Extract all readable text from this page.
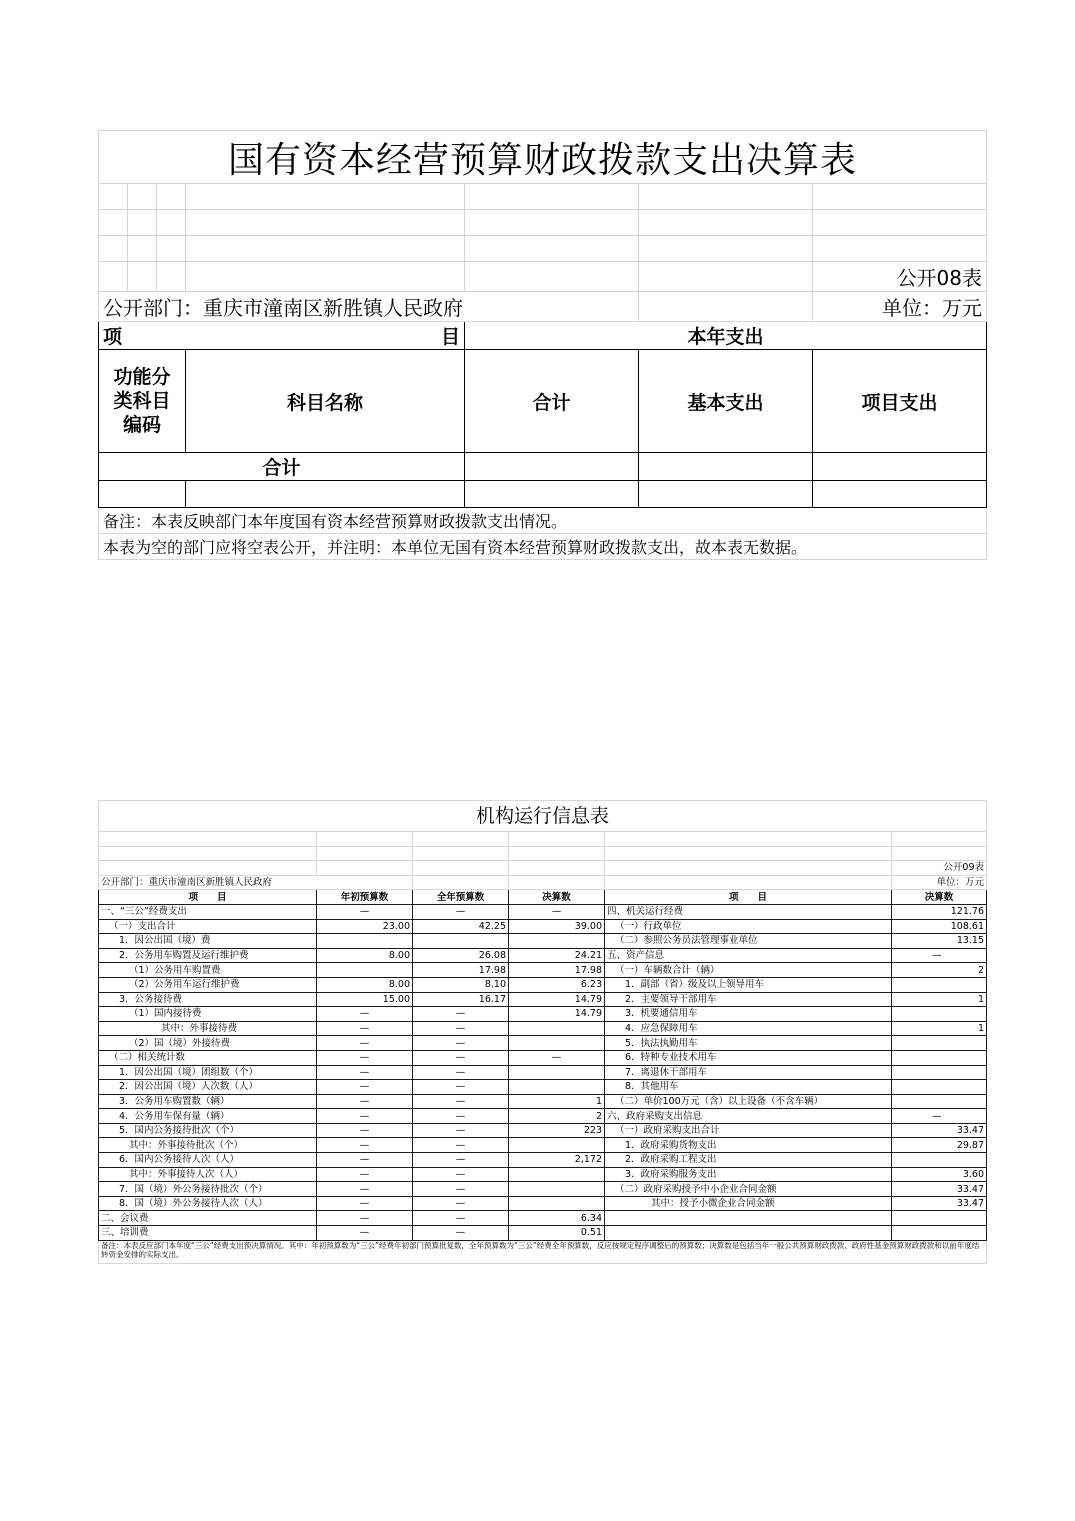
国有资本经营预算财政拨款支出决算表						

						公开08表
公开部门：重庆市潼南区新胜镇人民政府						单位：万元

项 目				本年支出		
功能分类科目编码			科目名称	合计	基本支出	项目支出
合计						

备注：本表反映部门本年度国有资本经营预算财政拨款支出情况。						
本表为空的部门应将空表公开，并注明：本单位无国有资本经营预算财政拨款支出，故本表无数据。						
机构运行信息表					

					公开09表
公开部门：重庆市潼南区新胜镇人民政府					单位：万元
项　　目	年初预算数	全年预算数	决算数	项　　目	决算数
一、“三公”经费支出	—	—	—	四、机关运行经费	121.76
（一）支出合计	23.00	42.25	39.00	（一）行政单位	108.61
1．因公出国（境）费				（二）参照公务员法管理事业单位	13.15
2．公务用车购置及运行维护费	8.00	26.08	24.21	五、资产信息	—
（1）公务用车购置费		17.98	17.98	（一）车辆数合计（辆）	2
（2）公务用车运行维护费	8.00	8.10	6.23	1．副部（省）级及以上领导用车	
3．公务接待费	15.00	16.17	14.79	2．主要领导干部用车	1
（1）国内接待费	—	—	14.79	3．机要通信用车	
其中：外事接待费	—	—		4．应急保障用车	1
（2）国（境）外接待费	—	—		5．执法执勤用车	
（二）相关统计数	—	—	—	6．特种专业技术用车	
1．因公出国（境）团组数（个）	—	—		7．离退休干部用车	
2．因公出国（境）人次数（人）	—	—		8．其他用车	
3．公务用车购置数（辆）	—	—	1	（二）单价100万元（含）以上设备（不含车辆）	
4．公务用车保有量（辆）	—	—	2	六、政府采购支出信息	—
5．国内公务接待批次（个）	—	—	223	（一）政府采购支出合计	33.47
其中：外事接待批次（个）	—	—		1．政府采购货物支出	29.87
6．国内公务接待人次（人）	—	—	2,172	2．政府采购工程支出	
其中：外事接待人次（人）	—	—		3．政府采购服务支出	3.60
7．国（境）外公务接待批次（个）	—	—		（二）政府采购授予中小企业合同金额	33.47
8．国（境）外公务接待人次（人）	—	—		其中：授予小微企业合同金额	33.47
二、会议费	—	—	6.34		
三、培训费	—	—	0.51		
备注：本表反应部门本年度“三公”经费支出预决算情况。其中：年初预算数为“三公”经费年初部门预算批复数，全年预算数为“三公”经费全年预算数，反应按规定程序调整后的预算数；决算数是包括当年一般公共预算财政拨款、政府性基金预算财政拨款和以前年度结转资金安排的实际支出。					
